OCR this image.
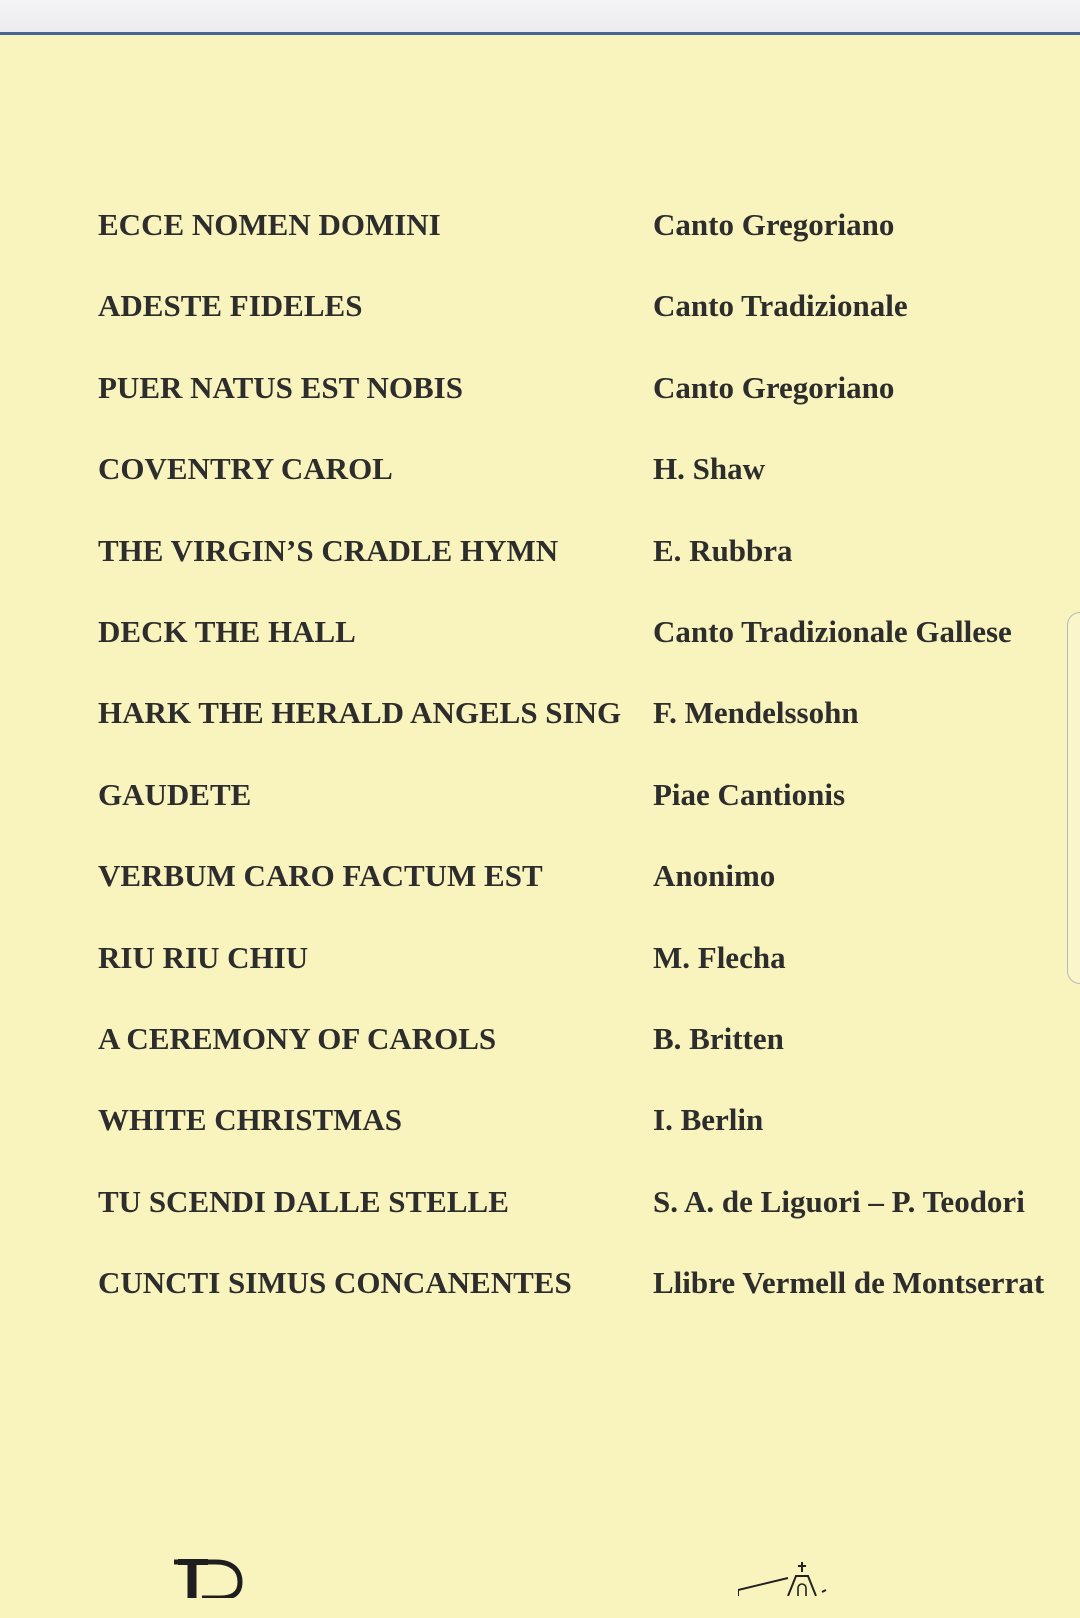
ECCE NOMEN DOMINI	Canto Gregoriano
ADESTE FIDELES	Canto Tradizionale
PUER NATUS EST NOBIS	Canto Gregoriano
COVENTRY CAROL	H. Shaw
THE VIRGIN’S CRADLE HYMN	E. Rubbra
DECK THE HALL	Canto Tradizionale Gallese
HARK THE HERALD ANGELS SING	F. Mendelssohn
GAUDETE	Piae Cantionis
VERBUM CARO FACTUM EST	Anonimo
RIU RIU CHIU	M. Flecha
A CEREMONY OF CAROLS	B. Britten
WHITE CHRISTMAS	I. Berlin
TU SCENDI DALLE STELLE	S. A. de Liguori – P. Teodori
CUNCTI SIMUS CONCANENTES	Llibre Vermell de Montserrat
